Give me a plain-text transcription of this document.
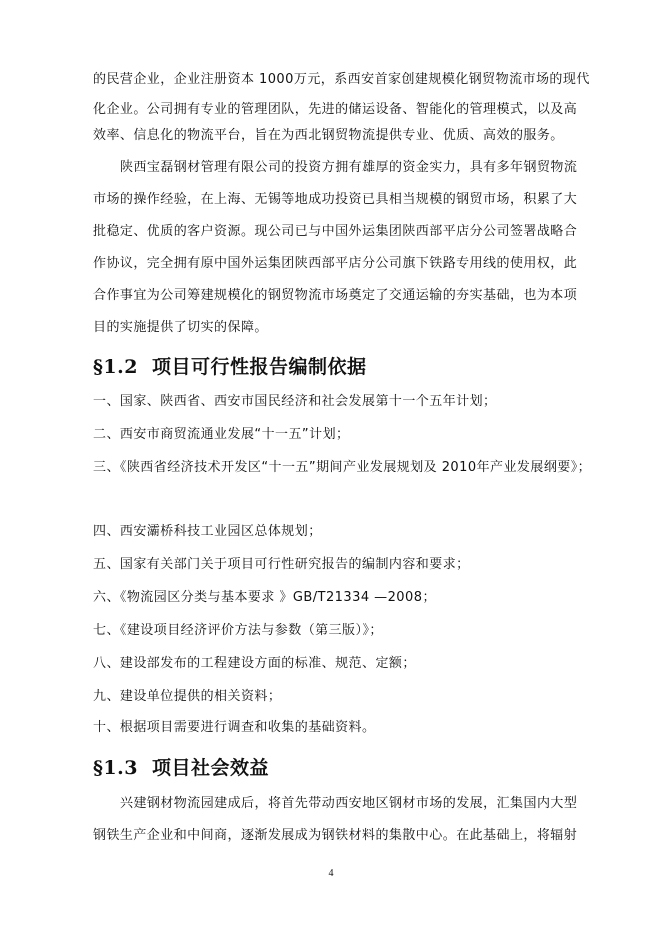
的民营企业，企业注册资本 1000万元，系西安首家创建规模化钢贸物流市场的现代
化企业。公司拥有专业的管理团队，先进的储运设备、智能化的管理模式，以及高
效率、信息化的物流平台，旨在为西北钢贸物流提供专业、优质、高效的服务。
陕西宝磊钢材管理有限公司的投资方拥有雄厚的资金实力，具有多年钢贸物流
市场的操作经验，在上海、无锡等地成功投资已具相当规模的钢贸市场，积累了大
批稳定、优质的客户资源。现公司已与中国外运集团陕西部平店分公司签署战略合
作协议，完全拥有原中国外运集团陕西部平店分公司旗下铁路专用线的使用权，此
合作事宜为公司筹建规模化的钢贸物流市场奠定了交通运输的夯实基础，也为本项
目的实施提供了切实的保障。
§1.2 项目可行性报告编制依据
一、国家、陕西省、西安市国民经济和社会发展第十一个五年计划；
二、西安市商贸流通业发展“十一五”计划；
三、《陕西省经济技术开发区“十一五”期间产业发展规划及 2010年产业发展纲要》；
四、西安灞桥科技工业园区总体规划；
五、国家有关部门关于项目可行性研究报告的编制内容和要求；
六、《物流园区分类与基本要求 》GB/T21334 —2008；
七、《建设项目经济评价方法与参数（第三版）》；
八、建设部发布的工程建设方面的标准、规范、定额；
九、建设单位提供的相关资料；
十、根据项目需要进行调查和收集的基础资料。
§1.3 项目社会效益
兴建钢材物流园建成后，将首先带动西安地区钢材市场的发展，汇集国内大型
钢铁生产企业和中间商，逐渐发展成为钢铁材料的集散中心。在此基础上，将辐射
4
